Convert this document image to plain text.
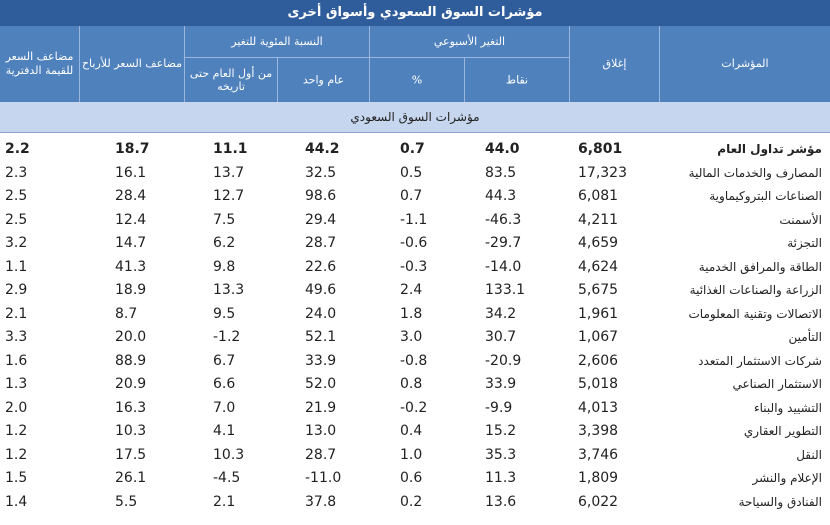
مؤشرات السوق السعودي وأسواق أخرى
مضاعف السعر للقيمة الدفترية
مضاعف السعر للأرباح
النسبة المئوية للتغير
من أول العام حتى تاريخه	عام واحد
التغير الأسبوعي
%	نقاط
إغلاق	المؤشرات
مؤشرات السوق السعودي
2.2	18.7	11.1	44.2	0.7	44.0	6,801	مؤشر تداول العام
2.3	16.1	13.7	32.5	0.5	83.5	17,323	المصارف والخدمات المالية
2.5	28.4	12.7	98.6	0.7	44.3	6,081	الصناعات البتروكيماوية
2.5	12.4	7.5	29.4	-1.1	-46.3	4,211	الأسمنت
3.2	14.7	6.2	28.7	-0.6	-29.7	4,659	التجزئة
1.1	41.3	9.8	22.6	-0.3	-14.0	4,624	الطاقة والمرافق الخدمية
2.9	18.9	13.3	49.6	2.4	133.1	5,675	الزراعة والصناعات الغذائية
2.1	8.7	9.5	24.0	1.8	34.2	1,961	الاتصالات وتقنية المعلومات
3.3	20.0	-1.2	52.1	3.0	30.7	1,067	التأمين
1.6	88.9	6.7	33.9	-0.8	-20.9	2,606	شركات الاستثمار المتعدد
1.3	20.9	6.6	52.0	0.8	33.9	5,018	الاستثمار الصناعي
2.0	16.3	7.0	21.9	-0.2	-9.9	4,013	التشييد والبناء
1.2	10.3	4.1	13.0	0.4	15.2	3,398	التطوير العقاري
1.2	17.5	10.3	28.7	1.0	35.3	3,746	النقل
1.5	26.1	-4.5	-11.0	0.6	11.3	1,809	الإعلام والنشر
1.4	5.5	2.1	37.8	0.2	13.6	6,022	الفنادق والسياحة
